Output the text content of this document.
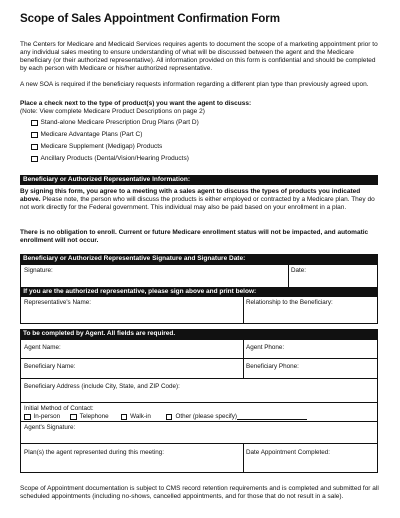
Scope of Sales Appointment Confirmation Form

The Centers for Medicare and Medicaid Services requires agents to document the scope of a marketing appointment prior to any individual sales meeting to ensure understanding of what will be discussed between the agent and the Medicare beneficiary (or their authorized representative). All information provided on this form is confidential and should be completed by each person with Medicare or his/her authorized representative.

A new SOA is required if the beneficiary requests information regarding a different plan type than previously agreed upon.

Place a check next to the type of product(s) you want the agent to discuss:

(Note: View complete Medicare Product Descriptions on page 2)

Stand-alone Medicare Prescription Drug Plans (Part D)
Medicare Advantage Plans (Part C)
Medicare Supplement (Medigap) Products
Ancillary Products (Dental/Vision/Hearing Products)
Beneficiary or Authorized Representative Information:

By signing this form, you agree to a meeting with a sales agent to discuss the types of products you indicated above. Please note, the person who will discuss the products is either employed or contracted by a Medicare plan. They do not work directly for the Federal government. This individual may also be paid based on your enrollment in a plan.

There is no obligation to enroll. Current or future Medicare enrollment status will not be impacted, and automatic enrollment will not occur.

Beneficiary or Authorized Representative Signature and Signature Date:
Signature:	Date:
If you are the authorized representative, please sign above and print below:
Representative's Name:	Relationship to the Beneficiary:
To be completed by Agent. All fields are required.
Agent Name:	Agent Phone:
Beneficiary Name:	Beneficiary Phone:
Beneficiary Address (include City, State, and ZIP Code):
Initial Method of Contact:
In-person	Telephone	Walk-in	Other (please specify)
Agent's Signature:
Plan(s) the agent represented during this meeting:	Date Appointment Completed:

Scope of Appointment documentation is subject to CMS record retention requirements and is completed and submitted for all scheduled appointments (including no-shows, cancelled appointments, and for those that do not result in a sale).
